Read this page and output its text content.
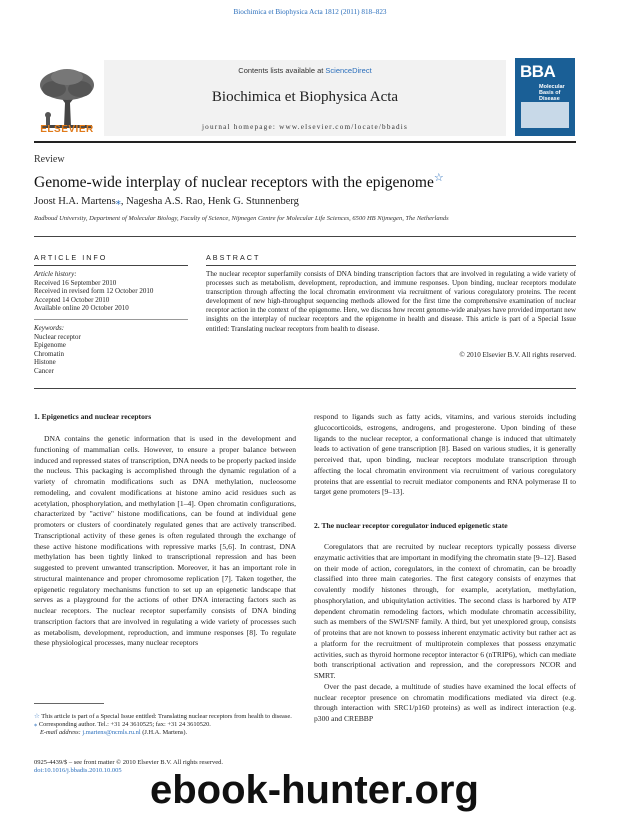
Biochimica et Biophysica Acta 1812 (2011) 818–823
Contents lists available at ScienceDirect
Biochimica et Biophysica Acta
journal homepage: www.elsevier.com/locate/bbadis
ELSEVIER
BBA
Molecular Basis of Disease
Review
Genome-wide interplay of nuclear receptors with the epigenome☆
Joost H.A. Martens⁎, Nagesha A.S. Rao, Henk G. Stunnenberg
Radboud University, Department of Molecular Biology, Faculty of Science, Nijmegen Centre for Molecular Life Sciences, 6500 HB Nijmegen, The Netherlands
ARTICLE INFO	ABSTRACT
Article history:
Received 16 September 2010
Received in revised form 12 October 2010
Accepted 14 October 2010
Available online 20 October 2010
Keywords:
Nuclear receptor
Epigenome
Chromatin
Histone
Cancer
The nuclear receptor superfamily consists of DNA binding transcription factors that are involved in regulating a wide variety of processes such as metabolism, development, reproduction, and immune responses. Upon binding, nuclear receptors modulate transcription through affecting the local chromatin environment via recruitment of various coregulatory proteins. The recent development of new high-throughput sequencing methods allowed for the first time the comprehensive examination of nuclear receptor action in the context of the epigenome. Here, we discuss how recent genome-wide analyses have provided important new insights on the interplay of nuclear receptors and the epigenome in health and disease. This article is part of a Special Issue entitled: Translating nuclear receptors from health to disease.
© 2010 Elsevier B.V. All rights reserved.
1. Epigenetics and nuclear receptors

DNA contains the genetic information that is used in the development and functioning of mammalian cells. However, to ensure a proper balance between induced and repressed states of transcription, DNA needs to be properly packed inside the nucleus. This packaging is accomplished through the dynamic regulation of a variety of chromatin modifications such as DNA methylation, nucleosome remodeling, and covalent modifications at histone amino acid residues such as acetylation, phosphorylation, and methylation [1–4]. Open chromatin configurations, characterized by "active" histone modifications, can be found at individual gene promoters or clusters of coordinately regulated genes that are actively transcribed. Transcriptional activity of these genes is often regulated through the exchange of these active histone modifications with repressive marks [5,6]. In contrast, DNA methylation has been tightly linked to transcriptional repression and has been suggested to prevent unwanted transcription. Moreover, it has an important role in structural maintenance and proper chromosome replication [7]. Taken together, the epigenetic regulatory mechanisms function to set up an epigenetic landscape that serves as a playground for the actions of other DNA interacting factors such as nuclear receptors. The nuclear receptor superfamily consists of DNA binding transcription factors that are involved in regulating a wide variety of processes such as metabolism, development, reproduction, and immune responses [8]. To regulate these physiological processes, many nuclear receptors

☆ This article is part of a Special Issue entitled: Translating nuclear receptors from health to disease.
⁎ Corresponding author. Tel.: +31 24 3610525; fax: +31 24 3610520.
E-mail address: j.martens@ncmls.ru.nl (J.H.A. Martens).
0925-4439/$ – see front matter © 2010 Elsevier B.V. All rights reserved.
doi:10.1016/j.bbadis.2010.10.005

respond to ligands such as fatty acids, vitamins, and various steroids including glucocorticoids, estrogens, androgens, and progesterone. Upon binding of these ligands to the nuclear receptor, a conformational change is induced that ultimately leads to activation of gene transcription [8]. Based on various studies, it is generally perceived that, upon binding, nuclear receptors modulate transcription through affecting the local chromatin environment via recruitment of various coregulatory proteins that are essential to recruit mediator components and RNA polymerase II to target gene promoters [9–13].

2. The nuclear receptor coregulator induced epigenetic state

Coregulators that are recruited by nuclear receptors typically possess diverse enzymatic activities that are important in modifying the chromatin state [9–12]. Based on their mode of action, coregulators, in the context of chromatin, can be broadly classified into three main categories. The first category consists of enzymes that covalently modify histones through, for example, acetylation, methylation, phosphorylation, and ubiquitylation activities. The second class is harbored by ATP dependent chromatin remodeling factors, which modulate chromatin accessibility, such as members of the SWI/SNF family. A third, but yet unexplored group, consists of proteins that are not known to possess inherent enzymatic activity but rather act as a platform for the recruitment of multiprotein complexes that possess enzymatic activities, such as thyroid hormone receptor interactor 6 (nTRIP6), which can mediate both transcriptional activation and repression, and the corepressors NCOR and SMRT.

Over the past decade, a multitude of studies have examined the local effects of nuclear receptor presence on chromatin modifications mediated via direct (e.g. through interaction with SRC1/p160 proteins) as well as indirect interaction (e.g. p300 and CREBBP

ebook-hunter.org
